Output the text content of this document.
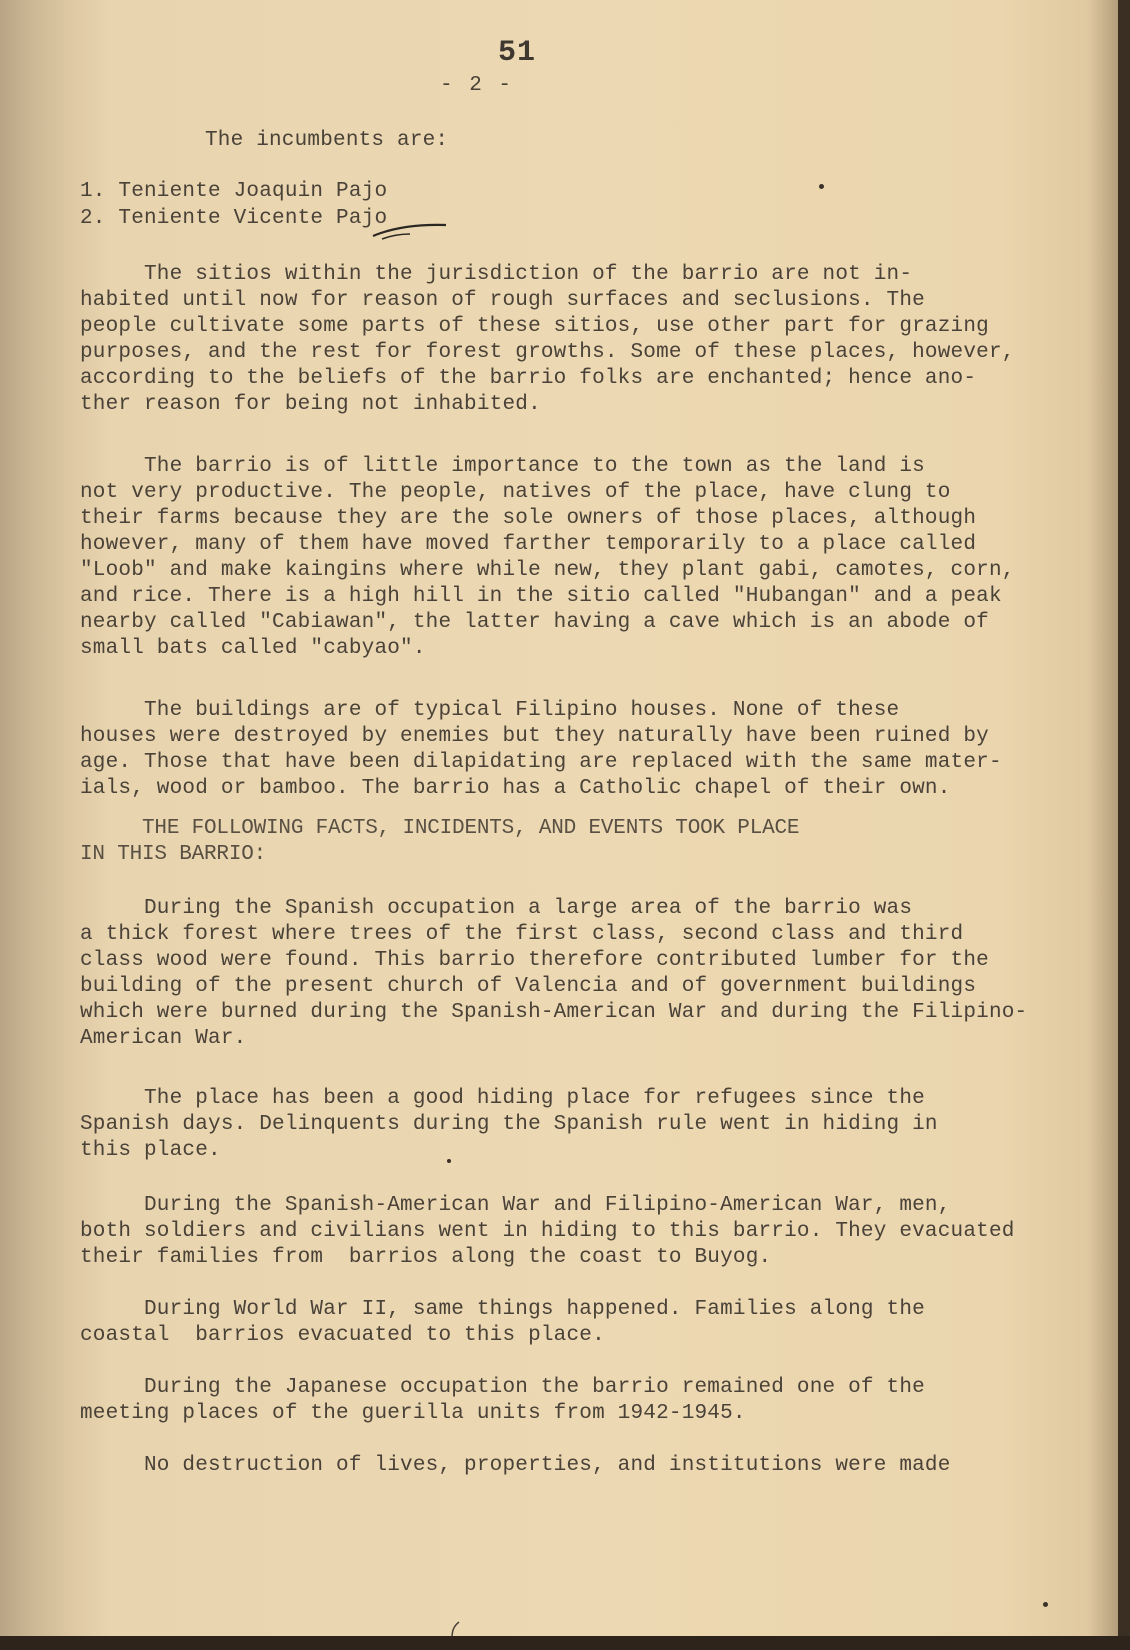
51
- 2 -

The incumbents are:

1. Teniente Joaquin Pajo

2. Teniente Vicente Pajo

The sitios within the jurisdiction of the barrio are not in-

habited until now for reason of rough surfaces and seclusions. The

people cultivate some parts of these sitios, use other part for grazing

purposes, and the rest for forest growths. Some of these places, however,

according to the beliefs of the barrio folks are enchanted; hence ano-

ther reason for being not inhabited.

The barrio is of little importance to the town as the land is

not very productive. The people, natives of the place, have clung to

their farms because they are the sole owners of those places, although

however, many of them have moved farther temporarily to a place called

"Loob" and make kaingins where while new, they plant gabi, camotes, corn,

and rice. There is a high hill in the sitio called "Hubangan" and a peak

nearby called "Cabiawan", the latter having a cave which is an abode of

small bats called "cabyao".

The buildings are of typical Filipino houses. None of these

houses were destroyed by enemies but they naturally have been ruined by

age. Those that have been dilapidating are replaced with the same mater-

ials, wood or bamboo. The barrio has a Catholic chapel of their own.

THE FOLLOWING FACTS, INCIDENTS, AND EVENTS TOOK PLACE

IN THIS BARRIO:

During the Spanish occupation a large area of the barrio was

a thick forest where trees of the first class, second class and third

class wood were found. This barrio therefore contributed lumber for the

building of the present church of Valencia and of government buildings

which were burned during the Spanish-American War and during the Filipino-

American War.

The place has been a good hiding place for refugees since the

Spanish days. Delinquents during the Spanish rule went in hiding in

this place.

During the Spanish-American War and Filipino-American War, men,

both soldiers and civilians went in hiding to this barrio. They evacuated

their families from  barrios along the coast to Buyog.

During World War II, same things happened. Families along the

coastal  barrios evacuated to this place.

During the Japanese occupation the barrio remained one of the

meeting places of the guerilla units from 1942-1945.

No destruction of lives, properties, and institutions were made
